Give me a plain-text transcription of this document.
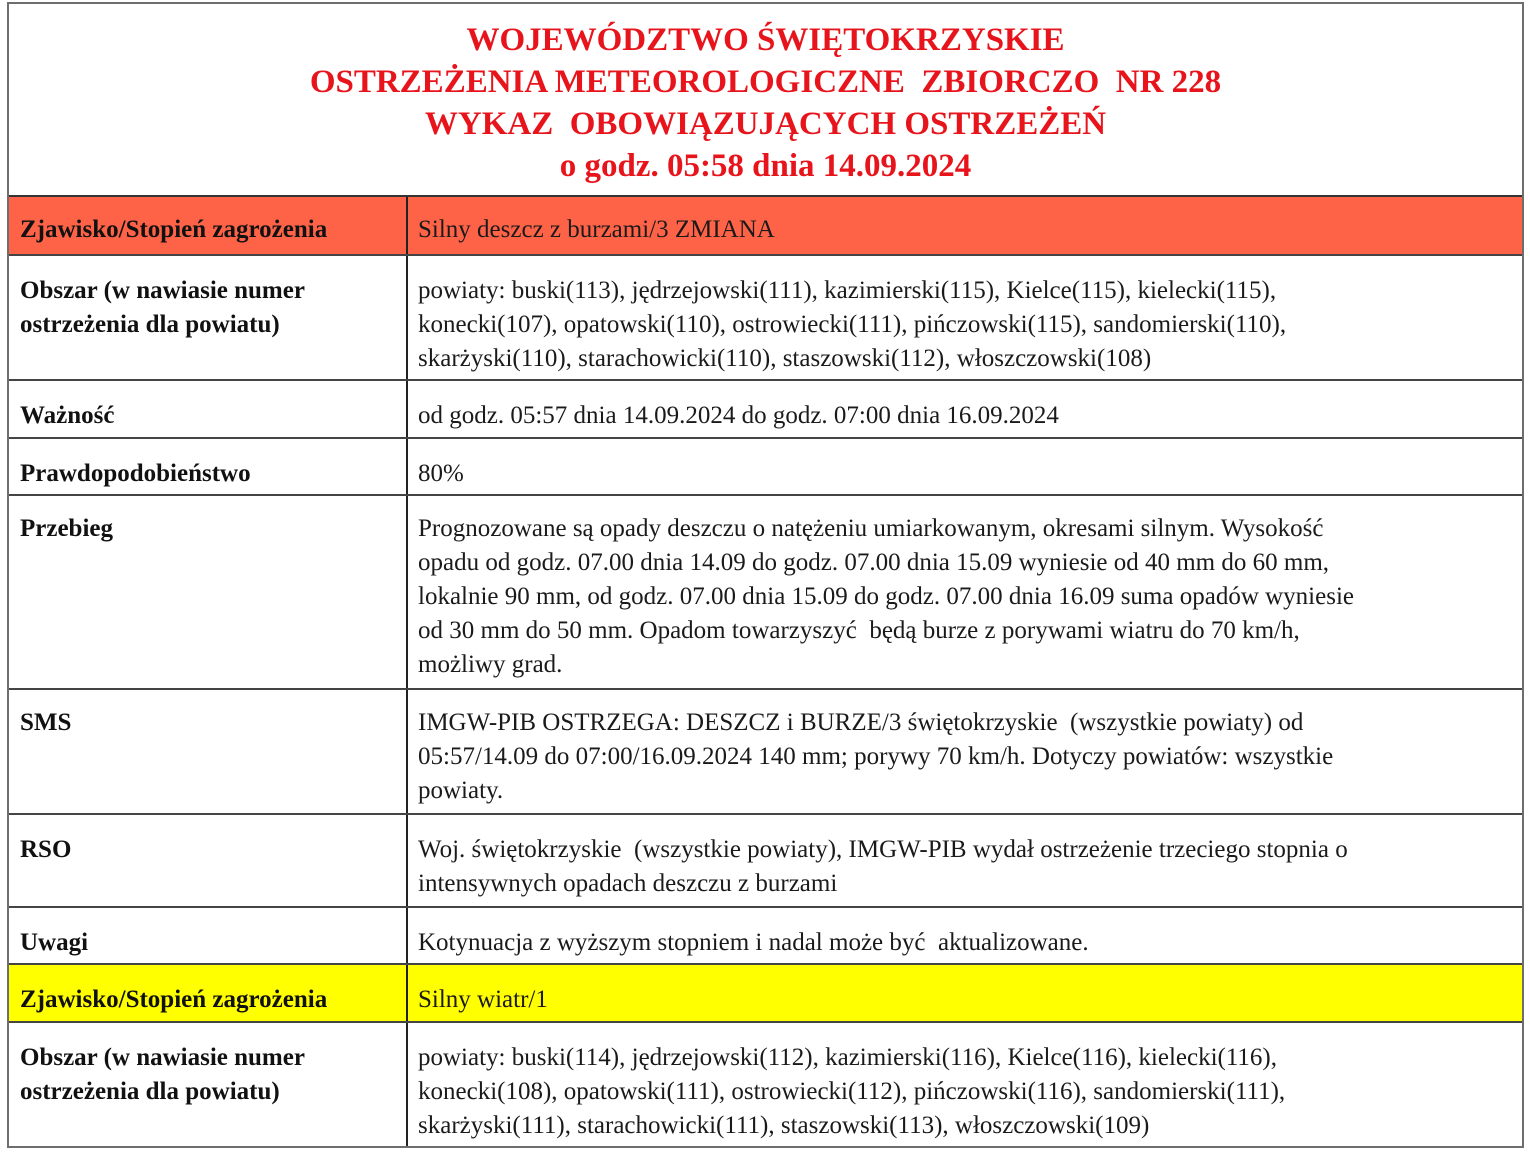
WOJEWÓDZTWO ŚWIĘTOKRZYSKIE
OSTRZEŻENIA METEOROLOGICZNE  ZBIORCZO  NR 228
WYKAZ  OBOWIĄZUJĄCYCH OSTRZEŻEŃ
o godz. 05:58 dnia 14.09.2024
Zjawisko/Stopień zagrożenia	Silny deszcz z burzami/3 ZMIANA
Obszar (w nawiasie numer
ostrzeżenia dla powiatu)	powiaty: buski(113), jędrzejowski(111), kazimierski(115), Kielce(115), kielecki(115),
konecki(107), opatowski(110), ostrowiecki(111), pińczowski(115), sandomierski(110),
skarżyski(110), starachowicki(110), staszowski(112), włoszczowski(108)
Ważność	od godz. 05:57 dnia 14.09.2024 do godz. 07:00 dnia 16.09.2024
Prawdopodobieństwo	80%
Przebieg	Prognozowane są opady deszczu o natężeniu umiarkowanym, okresami silnym. Wysokość
opadu od godz. 07.00 dnia 14.09 do godz. 07.00 dnia 15.09 wyniesie od 40 mm do 60 mm,
lokalnie 90 mm, od godz. 07.00 dnia 15.09 do godz. 07.00 dnia 16.09 suma opadów wyniesie
od 30 mm do 50 mm. Opadom towarzyszyć  będą burze z porywami wiatru do 70 km/h,
możliwy grad.
SMS	IMGW-PIB OSTRZEGA: DESZCZ i BURZE/3 świętokrzyskie  (wszystkie powiaty) od
05:57/14.09 do 07:00/16.09.2024 140 mm; porywy 70 km/h. Dotyczy powiatów: wszystkie
powiaty.
RSO	Woj. świętokrzyskie  (wszystkie powiaty), IMGW-PIB wydał ostrzeżenie trzeciego stopnia o
intensywnych opadach deszczu z burzami
Uwagi	Kotynuacja z wyższym stopniem i nadal może być  aktualizowane.
Zjawisko/Stopień zagrożenia	Silny wiatr/1
Obszar (w nawiasie numer
ostrzeżenia dla powiatu)	powiaty: buski(114), jędrzejowski(112), kazimierski(116), Kielce(116), kielecki(116),
konecki(108), opatowski(111), ostrowiecki(112), pińczowski(116), sandomierski(111),
skarżyski(111), starachowicki(111), staszowski(113), włoszczowski(109)
